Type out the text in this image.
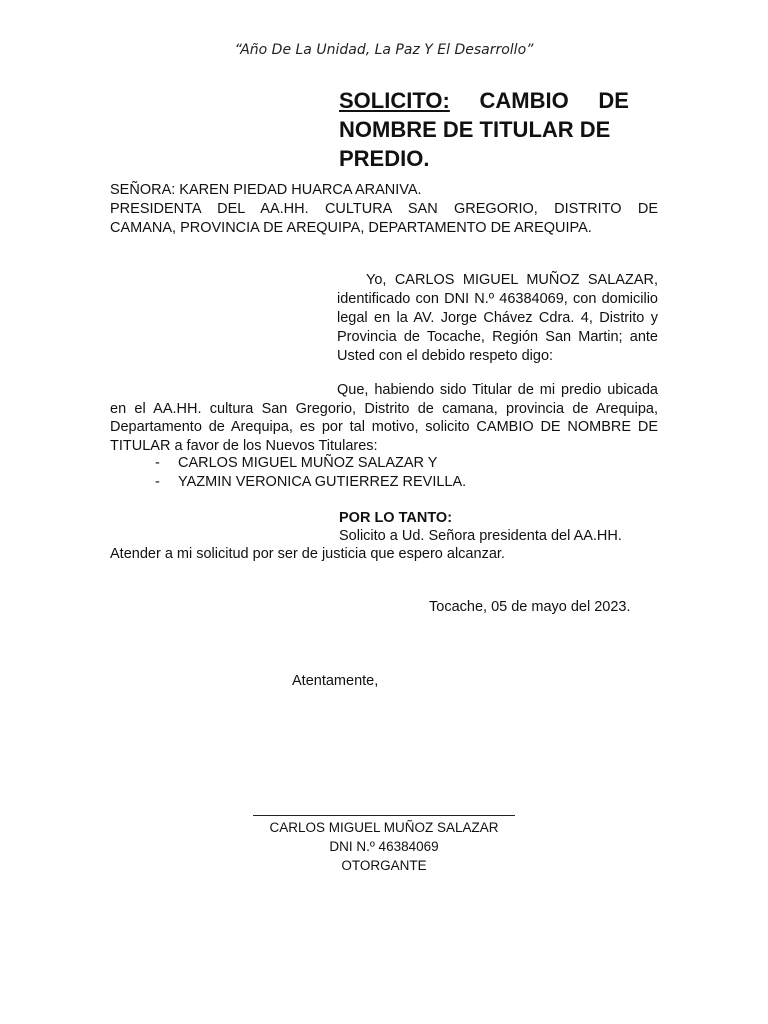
“Año De La Unidad, La Paz Y El Desarrollo”
SOLICITO: CAMBIO DE
NOMBRE DE TITULAR DE
PREDIO.
SEÑORA: KAREN PIEDAD HUARCA ARANIVA.
PRESIDENTA DEL AA.HH. CULTURA SAN GREGORIO, DISTRITO DE
CAMANA, PROVINCIA DE AREQUIPA, DEPARTAMENTO DE AREQUIPA.
Yo, CARLOS MIGUEL MUÑOZ SALAZAR, identificado con DNI N.º 46384069, con domicilio legal en la AV. Jorge Chávez Cdra. 4, Distrito y Provincia de Tocache, Región San Martin; ante Usted con el debido respeto digo:
Que, habiendo sido Titular de mi predio ubicada en el AA.HH. cultura San Gregorio, Distrito de camana, provincia de Arequipa, Departamento de Arequipa, es por tal motivo, solicito CAMBIO DE NOMBRE DE TITULAR a favor de los Nuevos Titulares:
-	CARLOS MIGUEL MUÑOZ SALAZAR Y
-	YAZMIN VERONICA GUTIERREZ REVILLA.
POR LO TANTO:
Solicito a Ud. Señora presidenta del AA.HH.
Atender a mi solicitud por ser de justicia que espero alcanzar.
Tocache, 05 de mayo del 2023.
Atentamente,
CARLOS MIGUEL MUÑOZ SALAZAR
DNI N.º 46384069
OTORGANTE
